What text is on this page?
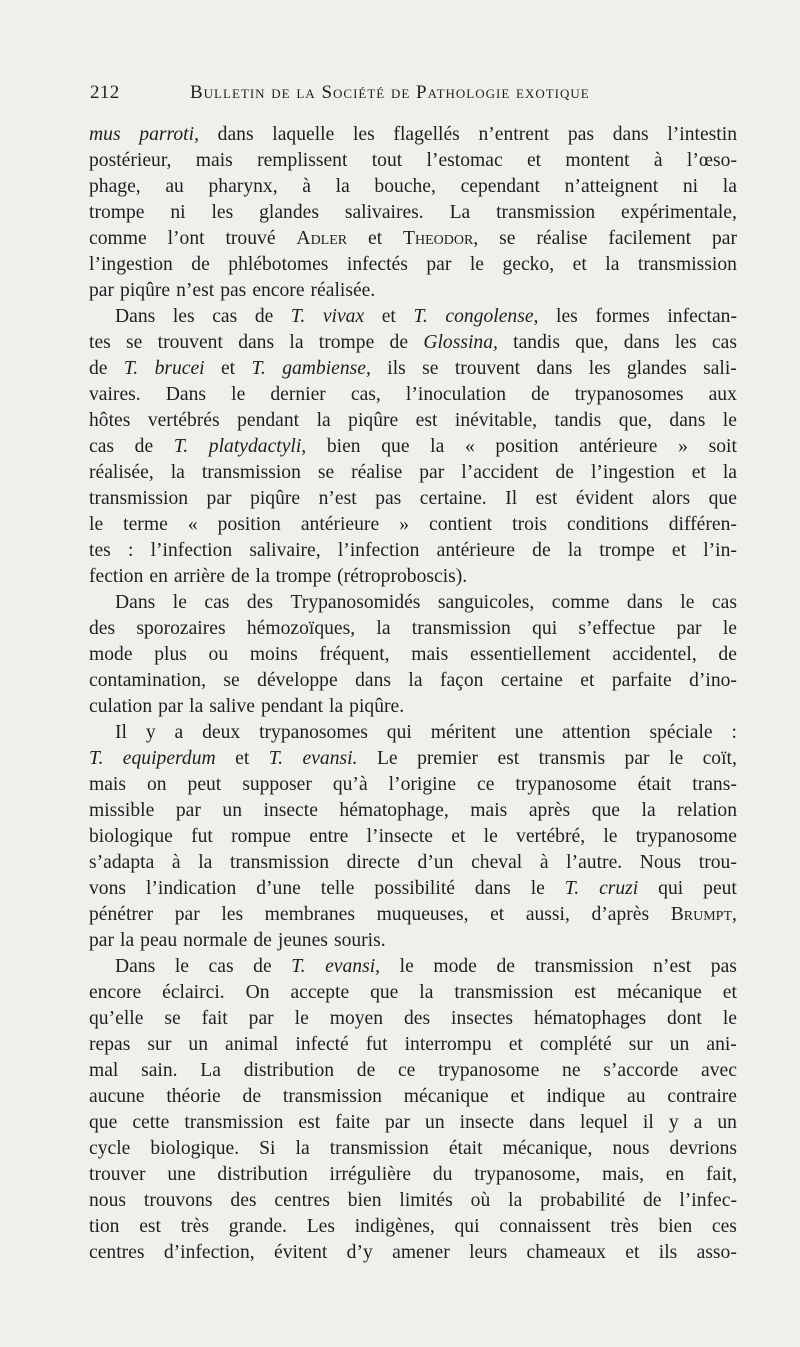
212	Bulletin de la Société de Pathologie exotique
mus parroti, dans laquelle les flagellés n’entrent pas dans l’intestin
postérieur, mais remplissent tout l’estomac et montent à l’œso-
phage, au pharynx, à la bouche, cependant n’atteignent ni la
trompe ni les glandes salivaires. La transmission expérimentale,
comme l’ont trouvé Adler et Theodor, se réalise facilement par
l’ingestion de phlébotomes infectés par le gecko, et la transmission
par piqûre n’est pas encore réalisée.
Dans les cas de T. vivax et T. congolense, les formes infectan-
tes se trouvent dans la trompe de Glossina, tandis que, dans les cas
de T. brucei et T. gambiense, ils se trouvent dans les glandes sali-
vaires. Dans le dernier cas, l’inoculation de trypanosomes aux
hôtes vertébrés pendant la piqûre est inévitable, tandis que, dans le
cas de T. platydactyli, bien que la « position antérieure » soit
réalisée, la transmission se réalise par l’accident de l’ingestion et la
transmission par piqûre n’est pas certaine. Il est évident alors que
le terme « position antérieure » contient trois conditions différen-
tes : l’infection salivaire, l’infection antérieure de la trompe et l’in-
fection en arrière de la trompe (rétroproboscis).
Dans le cas des Trypanosomidés sanguicoles, comme dans le cas
des sporozaires hémozoïques, la transmission qui s’effectue par le
mode plus ou moins fréquent, mais essentiellement accidentel, de
contamination, se développe dans la façon certaine et parfaite d’ino-
culation par la salive pendant la piqûre.
Il y a deux trypanosomes qui méritent une attention spéciale :
T. equiperdum et T. evansi. Le premier est transmis par le coït,
mais on peut supposer qu’à l’origine ce trypanosome était trans-
missible par un insecte hématophage, mais après que la relation
biologique fut rompue entre l’insecte et le vertébré, le trypanosome
s’adapta à la transmission directe d’un cheval à l’autre. Nous trou-
vons l’indication d’une telle possibilité dans le T. cruzi qui peut
pénétrer par les membranes muqueuses, et aussi, d’après Brumpt,
par la peau normale de jeunes souris.
Dans le cas de T. evansi, le mode de transmission n’est pas
encore éclairci. On accepte que la transmission est mécanique et
qu’elle se fait par le moyen des insectes hématophages dont le
repas sur un animal infecté fut interrompu et complété sur un ani-
mal sain. La distribution de ce trypanosome ne s’accorde avec
aucune théorie de transmission mécanique et indique au contraire
que cette transmission est faite par un insecte dans lequel il y a un
cycle biologique. Si la transmission était mécanique, nous devrions
trouver une distribution irrégulière du trypanosome, mais, en fait,
nous trouvons des centres bien limités où la probabilité de l’infec-
tion est très grande. Les indigènes, qui connaissent très bien ces
centres d’infection, évitent d’y amener leurs chameaux et ils asso-
